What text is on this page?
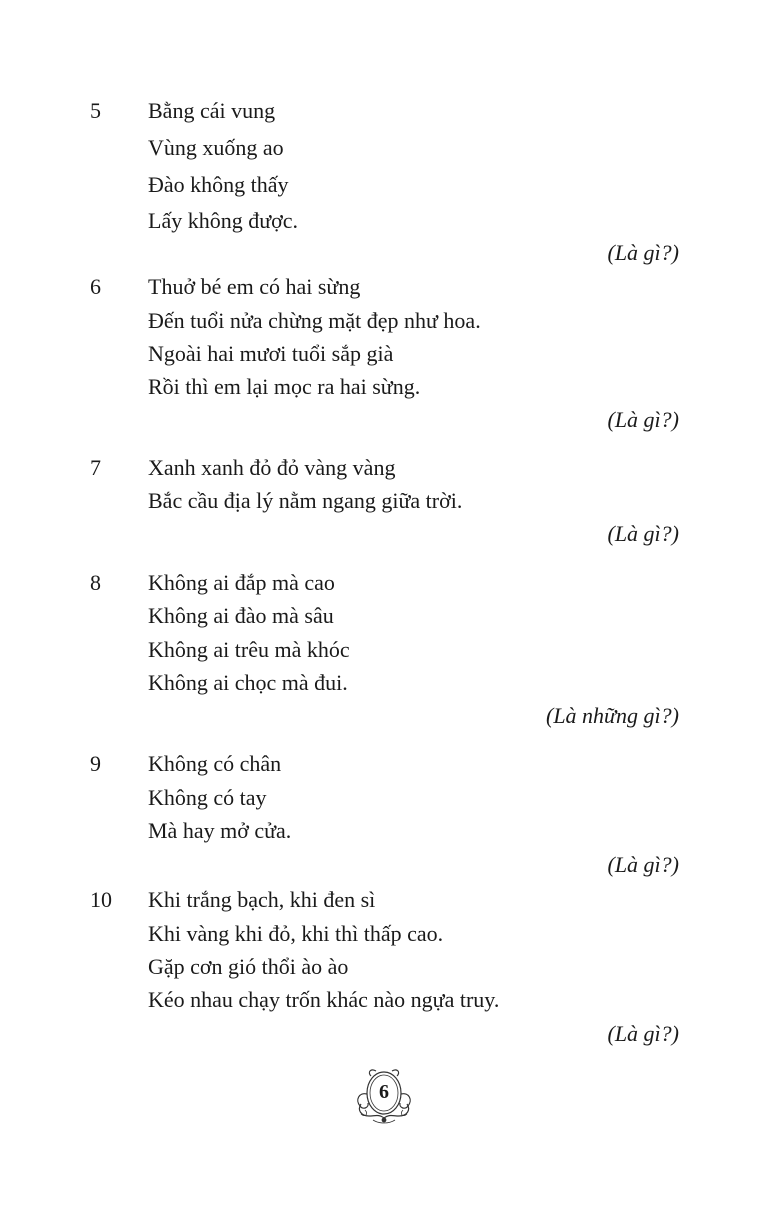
5 Bằng cái vung
Vùng xuống ao
Đào không thấy
Lấy không được.
(Là gì?)
6 Thuở bé em có hai sừng
Đến tuổi nửa chừng mặt đẹp như hoa.
Ngoài hai mươi tuổi sắp già
Rồi thì em lại mọc ra hai sừng.
(Là gì?)
7 Xanh xanh đỏ đỏ vàng vàng
Bắc cầu địa lý nằm ngang giữa trời.
(Là gì?)
8 Không ai đắp mà cao
Không ai đào mà sâu
Không ai trêu mà khóc
Không ai chọc mà đui.
(Là những gì?)
9 Không có chân
Không có tay
Mà hay mở cửa.
(Là gì?)
10 Khi trắng bạch, khi đen sì
Khi vàng khi đỏ, khi thì thấp cao.
Gặp cơn gió thổi ào ào
Kéo nhau chạy trốn khác nào ngựa truy.
(Là gì?)
6
